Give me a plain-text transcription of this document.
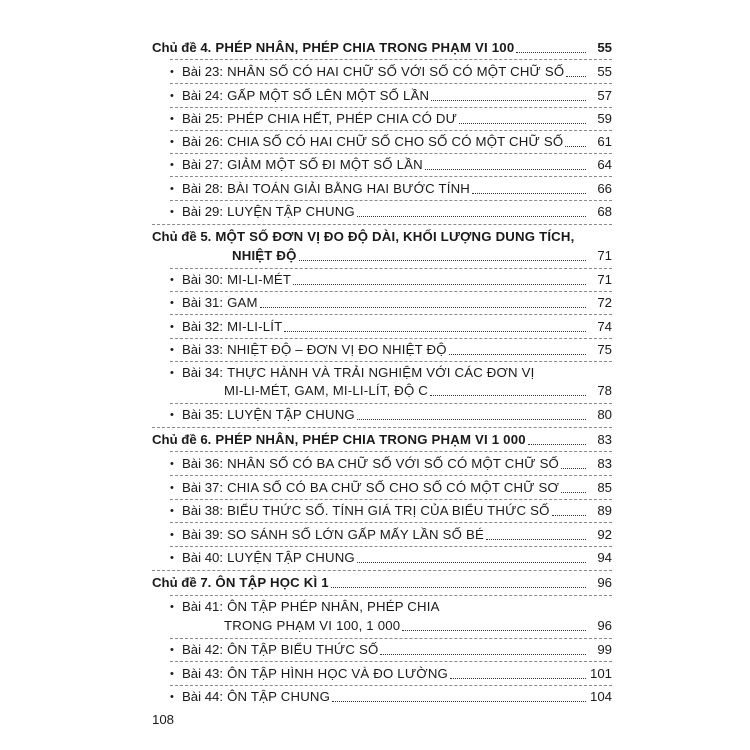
Chủ đề 4. PHÉP NHÂN, PHÉP CHIA TRONG PHẠM VI 100	55
• Bài 23: NHÂN SỐ CÓ HAI CHỮ SỐ VỚI SỐ CÓ MỘT CHỮ SỐ	55
• Bài 24: GẤP MỘT SỐ LÊN MỘT SỐ LẦN	57
• Bài 25: PHÉP CHIA HẾT, PHÉP CHIA CÓ DƯ	59
• Bài 26: CHIA SỐ CÓ HAI CHỮ SỐ CHO SỐ CÓ MỘT CHỮ SỐ	61
• Bài 27: GIẢM MỘT SỐ ĐI MỘT SỐ LẦN	64
• Bài 28: BÀI TOÁN GIẢI BẰNG HAI BƯỚC TÍNH	66
• Bài 29: LUYỆN TẬP CHUNG	68
Chủ đề 5. MỘT SỐ ĐƠN VỊ ĐO ĐỘ DÀI, KHỐI LƯỢNG DUNG TÍCH,
NHIỆT ĐỘ	71
• Bài 30: MI-LI-MÉT	71
• Bài 31: GAM	72
• Bài 32: MI-LI-LÍT	74
• Bài 33: NHIỆT ĐỘ – ĐƠN VỊ ĐO NHIỆT ĐỘ	75
• Bài 34: THỰC HÀNH VÀ TRẢI NGHIỆM VỚI CÁC ĐƠN VỊ
MI-LI-MÉT, GAM, MI-LI-LÍT, ĐỘ C	78
• Bài 35: LUYỆN TẬP CHUNG	80
Chủ đề 6. PHÉP NHÂN, PHÉP CHIA TRONG PHẠM VI 1 000	83
• Bài 36: NHÂN SỐ CÓ BA CHỮ SỐ VỚI SỐ CÓ MỘT CHỮ SỐ	83
• Bài 37: CHIA SỐ CÓ BA CHỮ SỐ CHO SỐ CÓ MỘT CHỮ SƠ	85
• Bài 38: BIỂU THỨC SỐ. TÍNH GIÁ TRỊ CỦA BIỂU THỨC SỐ	89
• Bài 39: SO SÁNH SỐ LỚN GẤP MẤY LẦN SỐ BÉ	92
• Bài 40: LUYỆN TẬP CHUNG	94
Chủ đề 7. ÔN TẬP HỌC KÌ 1	96
• Bài 41: ÔN TẬP PHÉP NHÂN, PHÉP CHIA
TRONG PHẠM VI 100, 1 000	96
• Bài 42: ÔN TẬP BIỂU THỨC SỐ	99
• Bài 43: ÔN TẬP HÌNH HỌC VÀ ĐO LƯỜNG	101
• Bài 44: ÔN TẬP CHUNG	104
108
